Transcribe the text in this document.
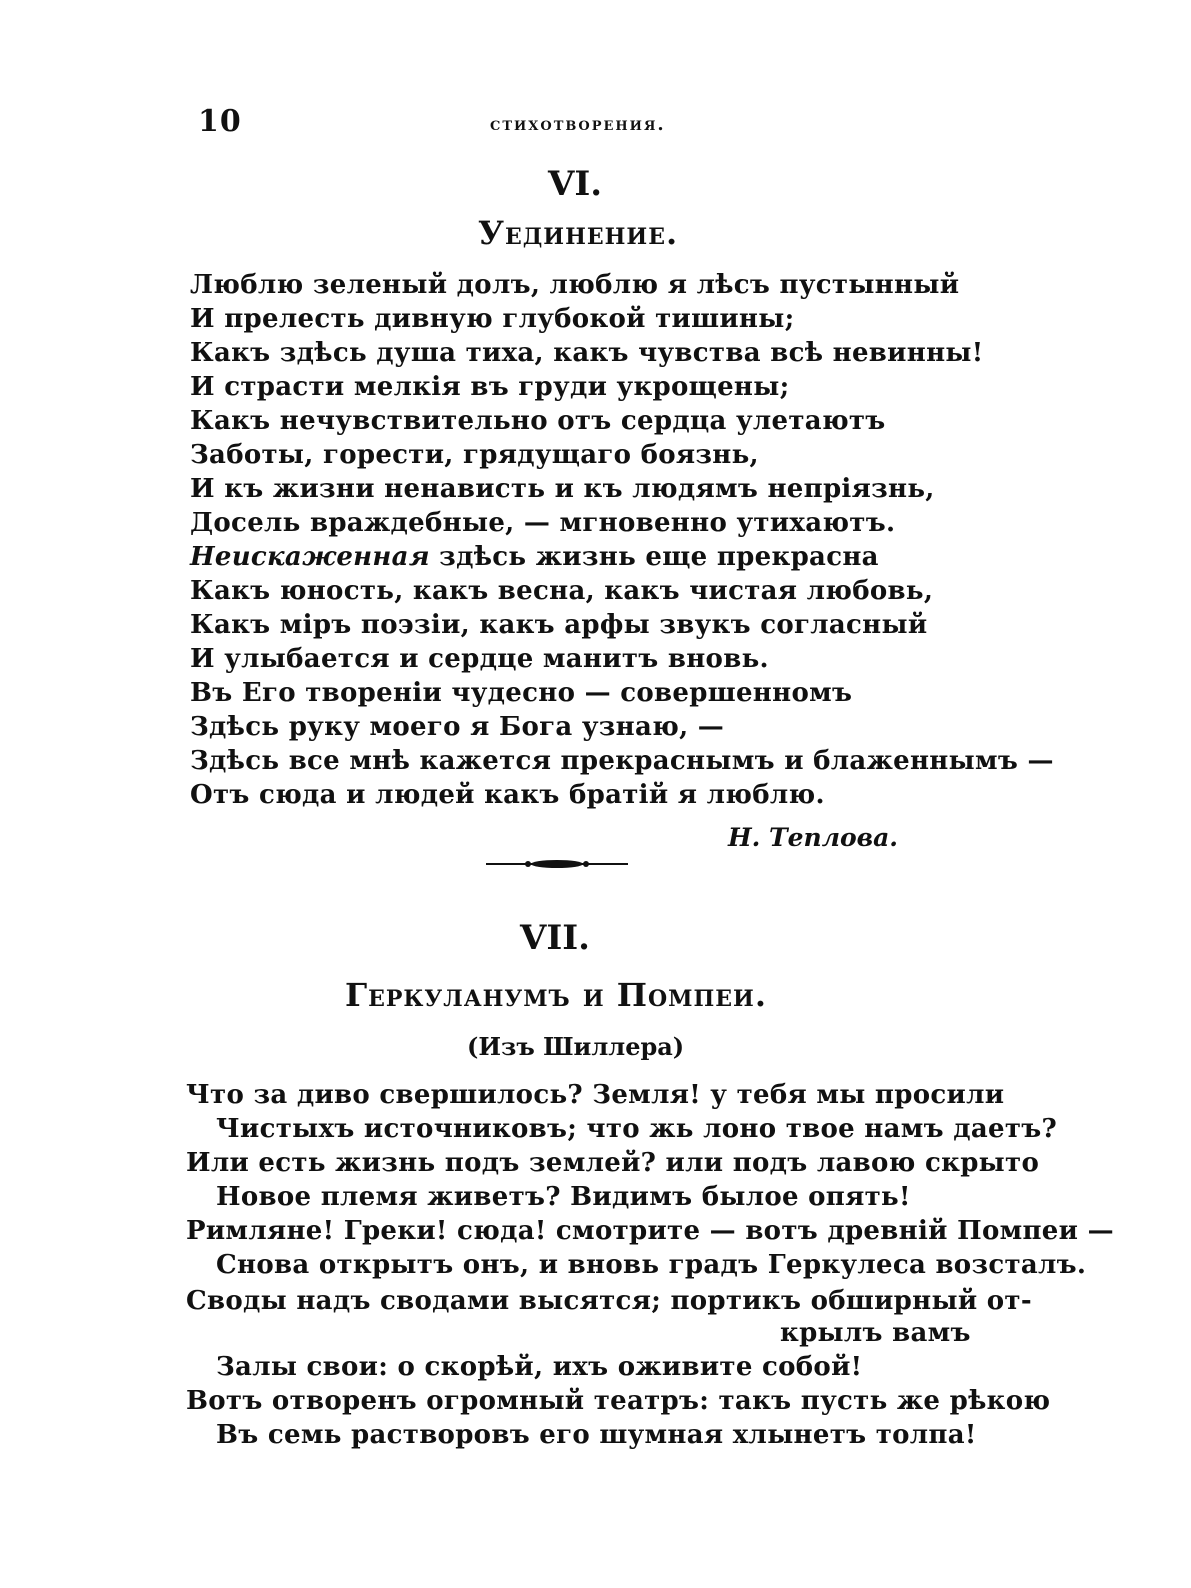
10	стихотворения.
VI.
Уединение.
Люблю зеленый долъ, люблю я лѣсъ пустынный
И прелесть дивную глубокой тишины;
Какъ здѣсь душа тиха, какъ чувства всѣ невинны!
И страсти мелкія въ груди укрощены;
Какъ нечувствительно отъ сердца улетаютъ
Заботы, горести, грядущаго боязнь,
И къ жизни ненависть и къ людямъ непріязнь,
Досель враждебные, — мгновенно утихаютъ.
Неискаженная здѣсь жизнь еще прекрасна
Какъ юность, какъ весна, какъ чистая любовь,
Какъ міръ поэзіи, какъ арфы звукъ согласный
И улыбается и сердце манитъ вновь.
Въ Его твореніи чудесно — совершенномъ
Здѣсь руку моего я Бога узнаю, —
Здѣсь все мнѣ кажется прекраснымъ и блаженнымъ —
Отъ сюда и людей какъ братій я люблю.
Н. Теплова.
VII.
Геркуланумъ и Помпеи.
(Изъ Шиллера)
Что за диво свершилось? Земля! у тебя мы просили
Чистыхъ источниковъ; что жь лоно твое намъ даетъ?
Или есть жизнь подъ землей? или подъ лавою скрыто
Новое племя живетъ? Видимъ былое опять!
Римляне! Греки! сюда! смотрите — вотъ древній Помпеи —
Снова открытъ онъ, и вновь градъ Геркулеса возсталъ.
Своды надъ сводами высятся; портикъ обширный от-
крылъ вамъ
Залы свои: о скорѣй, ихъ оживите собой!
Вотъ отворенъ огромный театръ: такъ пусть же рѣкою
Въ семь растворовъ его шумная хлынетъ толпа!
